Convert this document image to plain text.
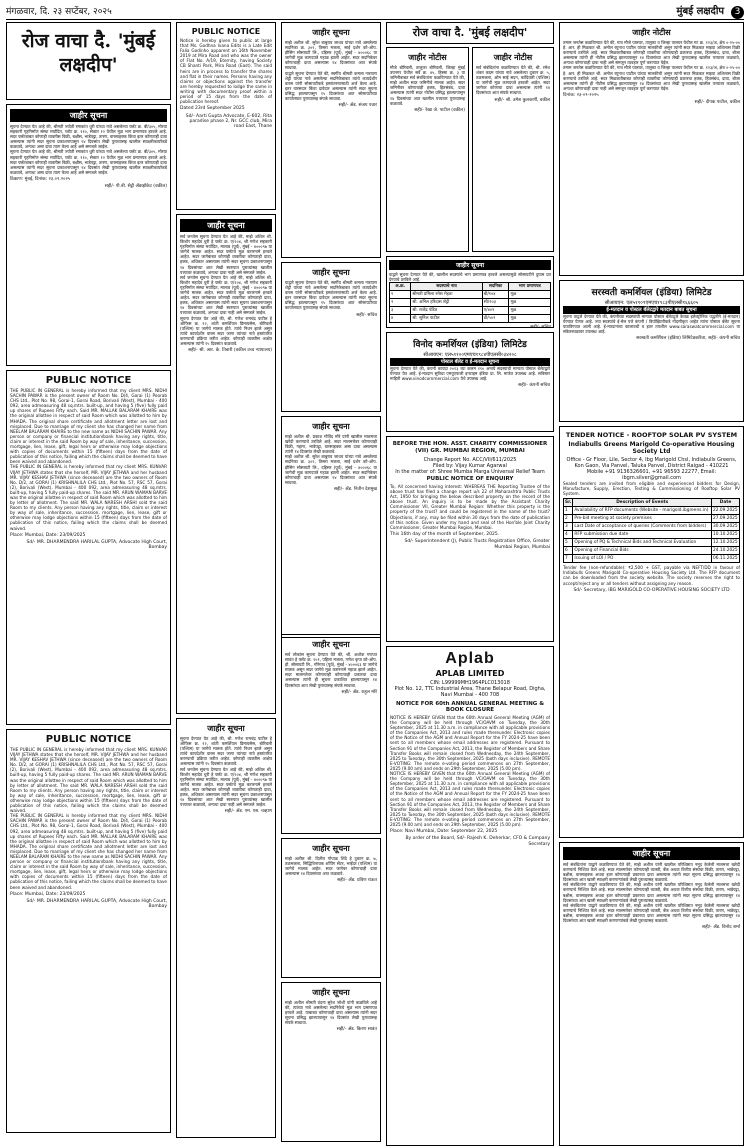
मंगळवार, दि. २३ सप्टेंबर, २०२५	मुंबई लक्षदीप 3
रोज वाचा दै. 'मुंबई लक्षदीप'
जाहीर सूचना
सूचना देण्यात येत आहे की, श्रीमती ज्योती रमाकांत धुरी यांच्या नावे असलेल्या फ्लॅट क्र. बी/३०५, मोरया सहकारी गृहनिर्माण संस्था मर्यादित, प्लॉट क्र. ११०, सेक्टर १२ येथील मूळ भाग प्रमाणपत्र हरवले आहे. सदर फ्लॅटबाबत कोणाही व्यक्तीस विक्री, बक्षीस, भाडेपट्टा, तारण, वारसाहक्क किंवा इतर कोणताही दावा असल्यास त्यांनी सदर सूचना प्रकाशनापासून १४ दिवसांत लेखी पुराव्यासह खालील स्वाक्षरीकर्त्यांकडे कळवावे, अन्यथा असा दावा त्याग केला आहे असे समजले जाईल.
सूचना देण्यात येत आहे की, श्रीमती ज्योती रमाकांत धुरी यांच्या नावे असलेल्या फ्लॅट क्र. बी/३०५, मोरया सहकारी गृहनिर्माण संस्था मर्यादित, प्लॉट क्र. ११०, सेक्टर १२ येथील मूळ भाग प्रमाणपत्र हरवले आहे. सदर फ्लॅटबाबत कोणाही व्यक्तीस विक्री, बक्षीस, भाडेपट्टा, तारण, वारसाहक्क किंवा इतर कोणताही दावा असल्यास त्यांनी सदर सूचना प्रकाशनापासून १४ दिवसांत लेखी पुराव्यासह खालील स्वाक्षरीकर्त्यांकडे कळवावे, अन्यथा असा दावा त्याग केला आहे असे समजले जाईल.
ठिकाण: मुंबई, दिनांक: २३.०९.२०२५
सही/- पी.बी. सेट्टी ॲडव्होकेट (वकील)
PUBLIC NOTICE
THE PUBLIC IN GENERAL is hereby informed that my client MRS. NIDHI SACHIN PAWAR is the present owner of Room No. D/4, Gorai (1) Poorab CHS Ltd., Plot No. 98, Gorai-1, Gorai Road, Borivali (West), Mumbai - 400 092, area admeasuring 48 sq.mtrs. built-up, and having 5 (five) fully paid up shares of Rupees Fifty each. Said MR. MALLAK BALARAM KHAIRE was the original allottee in respect of said Room which was allotted to him by MHADA. The original share certificate and allotment letter are lost and misplaced. Due to marriage of my client she has changed her name from NEELAM BALARAM KHAIRE to the new name as NIDHI SACHIN PAWAR. Any person or company or financial institution/bank having any rights, title, claim or interest in the said Room by way of sale, inheritance, succession, mortgage, lien, lease, gift, legal heirs or otherwise may lodge objections with copies of documents within 15 (fifteen) days from the date of publication of this notice, failing which the claims shall be deemed to have been waived and abandoned.
THE PUBLIC IN GENERAL is hereby informed that my client MRS. KUNVAR VIJAY JETHWA states that she herself, MR. VIJAY JETHWA and her husband MR. VIJAY KESHAV JETHWA (since deceased) are the two owners of Room No. D/2, at GORAI (1) KRISHNALILA CHS Ltd., Plot No. 57, RSC 57, Gorai (2), Borivali (West), Mumbai - 400 092, area admeasuring 48 sq.mtrs. built-up, having 5 fully paid-up shares. The said MR. ARUN WAMAN BARVE was the original allottee in respect of said Room which was allotted to him by letter of allotment. The said MR. WALA NARESH ARSHI sold the said Room to my clients. Any person having any rights, title, claim or interest by way of sale, inheritance, succession, mortgage, lien, lease, gift or otherwise may lodge objections within 15 (fifteen) days from the date of publication of this notice, failing which the claims shall be deemed waived.
Place: Mumbai, Date: 23/09/2025
Sd/- MR. DHARMENDRA HARILAL GUPTA, Advocate High Court, Bombay
PUBLIC NOTICE
THE PUBLIC IN GENERAL is hereby informed that my client MRS. KUNVAR VIJAY JETHWA states that she herself, MR. VIJAY JETHWA and her husband MR. VIJAY KESHAV JETHWA (since deceased) are the two owners of Room No. D/2, at GORAI (1) KRISHNALILA CHS Ltd., Plot No. 57, RSC 57, Gorai (2), Borivali (West), Mumbai - 400 092, area admeasuring 48 sq.mtrs. built-up, having 5 fully paid-up shares. The said MR. ARUN WAMAN BARVE was the original allottee in respect of said Room which was allotted to him by letter of allotment. The said MR. WALA NARESH ARSHI sold the said Room to my clients. Any person having any rights, title, claim or interest by way of sale, inheritance, succession, mortgage, lien, lease, gift or otherwise may lodge objections within 15 (fifteen) days from the date of publication of this notice, failing which the claims shall be deemed waived.
THE PUBLIC IN GENERAL is hereby informed that my client MRS. NIDHI SACHIN PAWAR is the present owner of Room No. D/4, Gorai (1) Poorab CHS Ltd., Plot No. 98, Gorai-1, Gorai Road, Borivali (West), Mumbai - 400 092, area admeasuring 48 sq.mtrs. built-up, and having 5 (five) fully paid up shares of Rupees Fifty each. Said MR. MALLAK BALARAM KHAIRE was the original allottee in respect of said Room which was allotted to him by MHADA. The original share certificate and allotment letter are lost and misplaced. Due to marriage of my client she has changed her name from NEELAM BALARAM KHAIRE to the new name as NIDHI SACHIN PAWAR. Any person or company or financial institution/bank having any rights, title, claim or interest in the said Room by way of sale, inheritance, succession, mortgage, lien, lease, gift, legal heirs or otherwise may lodge objections with copies of documents within 15 (fifteen) days from the date of publication of this notice, failing which the claims shall be deemed to have been waived and abandoned.
Place: Mumbai, Date: 23/09/2025
Sd/- MR. DHARMENDRA HARILAL GUPTA, Advocate High Court, Bombay
PUBLIC NOTICE
Notice is hereby given to public at large that Ms. Godhna Ivana Edits is a Late Edit Falia Godinho apparent on 16th November 2019 at Mira Road and who was the owner of Flat No. A/19, Eternity, having Society CB Shanti Park, Mira Road (East). The said heirs are in process to transfer the shares and flat in their names. Persons having any claims or objections against the transfer are hereby requested to lodge the same in writing with documentary proof within a period of 15 days from the date of publication hereof.
Dated 23rd September 2025
Sd/- Aarti Gupta Advocate, E-602, Rita paradise phase 2, Nr. GCC club, Mira road East, Thane
जाहीर सूचना
सर्व जनतेस सूचना देण्यात येत आहे की, माझे अशिल श्री. किशोर महादेव धुरी हे फ्लॅट क्र. ए/२०४, श्री गणेश सहकारी गृहनिर्माण संस्था मर्यादित, मालाड (पूर्व), मुंबई - ४०००९७ या जागेचे मालक आहेत. सदर फ्लॅटचे मूळ करारनामे हरवले आहेत. सदर जागेबाबत कोणाही व्यक्तीचा कोणताही दावा, हक्क, अधिकार असल्यास त्यांनी सदर सूचना प्रकाशनापासून १४ दिवसांच्या आत लेखी स्वरुपात पुराव्यांसह खालील पत्त्यावर कळवावे, अन्यथा दावा नाही असे समजले जाईल.
सर्व जनतेस सूचना देण्यात येत आहे की, माझे अशिल श्री. किशोर महादेव धुरी हे फ्लॅट क्र. ए/२०४, श्री गणेश सहकारी गृहनिर्माण संस्था मर्यादित, मालाड (पूर्व), मुंबई - ४०००९७ या जागेचे मालक आहेत. सदर फ्लॅटचे मूळ करारनामे हरवले आहेत. सदर जागेबाबत कोणाही व्यक्तीचा कोणताही दावा, हक्क, अधिकार असल्यास त्यांनी सदर सूचना प्रकाशनापासून १४ दिवसांच्या आत लेखी स्वरुपात पुराव्यांसह खालील पत्त्यावर कळवावे, अन्यथा दावा नाही असे समजले जाईल.
सूचना देण्यात येत आहे की, श्री. गणेश रामचंद्र पाटील हे ऑफिस क्र. १२, शांती कमर्शियल प्रिमायसेस, बोरिवली (पश्चिम) या जागेचे मालक होते. त्यांचे निधन झाले असून त्यांचे कायदेशीर वारस सदर जागा त्यांच्या नावे हस्तांतरित करण्याची प्रक्रिया करीत आहेत. कोणाही व्यक्तीस आक्षेप असल्यास त्यांनी १५ दिवसांत कळवावे.
सही/- श्री. आर. के. तिवारी (वकील उच्च न्यायालय)
जाहीर सूचना
सूचना देण्यात येत आहे की, श्री. गणेश रामचंद्र पाटील हे ऑफिस क्र. १२, शांती कमर्शियल प्रिमायसेस, बोरिवली (पश्चिम) या जागेचे मालक होते. त्यांचे निधन झाले असून त्यांचे कायदेशीर वारस सदर जागा त्यांच्या नावे हस्तांतरित करण्याची प्रक्रिया करीत आहेत. कोणाही व्यक्तीस आक्षेप असल्यास त्यांनी १५ दिवसांत कळवावे.
सर्व जनतेस सूचना देण्यात येत आहे की, माझे अशिल श्री. किशोर महादेव धुरी हे फ्लॅट क्र. ए/२०४, श्री गणेश सहकारी गृहनिर्माण संस्था मर्यादित, मालाड (पूर्व), मुंबई - ४०००९७ या जागेचे मालक आहेत. सदर फ्लॅटचे मूळ करारनामे हरवले आहेत. सदर जागेबाबत कोणाही व्यक्तीचा कोणताही दावा, हक्क, अधिकार असल्यास त्यांनी सदर सूचना प्रकाशनापासून १४ दिवसांच्या आत लेखी स्वरुपात पुराव्यांसह खालील पत्त्यावर कळवावे, अन्यथा दावा नाही असे समजले जाईल.
सही/- ॲड. एम. एस. चव्हाण
जाहीर सूचना
माझे अशील श्री. सुरेश बाबुराव जाधव यांच्या नावे असलेल्या सदनिका क्र. ३०२, तिसरा मजला, साई दर्शन को-ऑप. हौसिंग सोसायटी लि., दहिसर (पूर्व), मुंबई - ४०००६८ या जागेची मूळ कागदपत्रे गहाळ झाली आहेत. सदर सदनिकेवर कोणाचाही दावा असल्यास १४ दिवसांच्या आत संपर्क साधावा.
याद्वारे सूचना देण्यात येते की, स्वर्गीय श्रीमती कमला नारायण शेट्टी यांच्या नावे असलेल्या सदनिकेबाबत त्यांचे कायदेशीर वारस यांनी सोसायटीकडे हस्तांतरणासाठी अर्ज केला आहे. इतर वारसदार किंवा दावेदार असल्यास त्यांनी सदर सूचना प्रसिद्ध झाल्यापासून १५ दिवसांच्या आत सोसायटीच्या कार्यालयात पुराव्यासह संपर्क साधावा.
सही/- ॲड. संजय पवार
जाहीर सूचना
याद्वारे सूचना देण्यात येते की, स्वर्गीय श्रीमती कमला नारायण शेट्टी यांच्या नावे असलेल्या सदनिकेबाबत त्यांचे कायदेशीर वारस यांनी सोसायटीकडे हस्तांतरणासाठी अर्ज केला आहे. इतर वारसदार किंवा दावेदार असल्यास त्यांनी सदर सूचना प्रसिद्ध झाल्यापासून १५ दिवसांच्या आत सोसायटीच्या कार्यालयात पुराव्यासह संपर्क साधावा.
सही/- सचिव
जाहीर सूचना
माझे अशील श्री. प्रकाश गोविंद मोरे यांनी खालील मालमत्ता खरेदी करण्याचे ठरविले आहे. सदर मालमत्तेवर कोणाचाही विक्री, गहाण, भाडेपट्टा, वारसाहक्क असा दावा असल्यास त्यांनी १४ दिवसांत लेखी कळवावे.
माझे अशील श्री. सुरेश बाबुराव जाधव यांच्या नावे असलेल्या सदनिका क्र. ३०२, तिसरा मजला, साई दर्शन को-ऑप. हौसिंग सोसायटी लि., दहिसर (पूर्व), मुंबई - ४०००६८ या जागेची मूळ कागदपत्रे गहाळ झाली आहेत. सदर सदनिकेवर कोणाचाही दावा असल्यास १४ दिवसांच्या आत संपर्क साधावा.
सही/- ॲड. नितीन देशमुख
रोज वाचा दै. 'मुंबई लक्षदीप'
जाहीर नोटीस
मौजे बोरिवली, तालुका बोरिवली, जिल्हा मुंबई उपनगर येथील सर्वे क्र. ४५, हिस्सा क्र. ३ या जमिनीबाबत सर्व संबंधितांना कळविण्यात येते की, माझे अशील सदर जमिनीचे मालक आहेत. सदर जमिनीवर कोणाचाही हक्क, हितसंबंध, दावा असल्यास त्यांनी सदर नोटीस प्रसिद्ध झाल्यापासून १४ दिवसांच्या आत खालील पत्त्यावर पुराव्यासह कळवावे.
सही/- रेखा जे. पाटील (वकील)
जाहीर नोटीस
सर्व संबंधितांना कळविण्यात येते की, श्री. रमेश शंकर कदम यांच्या नावे असलेल्या दुकान क्र. ५, तळमजला, ओम साई सदन, कांदिवली (पश्चिम) या जागेची मूळ कागदपत्रे हरवली आहेत. सदर जागेवर कोणाचा दावा असल्यास त्यांनी १४ दिवसांच्या आत संपर्क साधावा.
सही/- श्री. उमेश कुलकर्णी, वकील
जाहीर सूचना
याद्वारे सूचना देण्यात येते की, खालील सदस्यांचे भाग प्रमाणपत्र हरवले असल्यामुळे सोसायटीने दुय्यम प्रत देण्याचे ठरविले आहे.
अ.क्र.	सदस्याचे नाव	सदनिका	भाग प्रमाणपत्र
१	श्रीमती प्रमिला रमेश मेहता	बी/१०४	मूळ
२	श्री. अनिल हरिदास शेट्टी	सी/२०३	मूळ
३	श्री. राजेंद्र पंडित	ए/४०१	मूळ
४	श्री. सुनिल पाटील	डी/५०२	मूळ
सही/- सचिव
विनोद कमर्शियल (इंडिया) लिमिटेड
सीआयएन: एल५११००एमएच१९८४पीएलसी०३४२०८
पोस्टल बॅलेट व ई-मतदान सूचना
सूचना देण्यात येते की, कंपनी कायदा २०१३ च्या कलम ११० अन्वये सदस्यांची मान्यता पोस्टल बॅलेटद्वारे घेण्यात येत आहे. ई-मतदान सुविधा एमयूएफजी इनटाइम इंडिया प्रा. लि. मार्फत उपलब्ध आहे. सविस्तर माहिती www.vinodcommercial.com येथे उपलब्ध आहे.
सही/- कंपनी सचिव
BEFORE THE HON. ASST. CHARITY COMMISSIONER (VII) GR. MUMBAI REGION, MUMBAI
Change Report No. ACC/VII/611/2025
Filed by: Vijay Kumar Agarwal
In the matter of: Shree Mumba Marga Universal Relief Team
PUBLIC NOTICE OF ENQUIRY
To, All concerned having interest: WHEREAS THE Reporting Trustee of the above trust has filed a change report u/s 22 of Maharashtra Public Trusts Act, 1950 for bringing the below described property on the record of the above trust. An inquiry is to be made by the Assistant Charity Commissioner VII, Greater Mumbai Region: Whether this property is the property of the trust? and could be registered in the name of the trust? Objections, if any, may be filed within 30 days from the date of publication of this notice. Given under my hand and seal of the Hon'ble Joint Charity Commissioner, Greater Mumbai Region, Mumbai.
This 16th day of the month of September, 2025.
Sd/- Superintendent (J), Public Trusts Registration Office, Greater Mumbai Region, Mumbai
जाहीर सूचना
सर्व लोकांस सूचना देण्यात येते की, श्री. अशोक गणपत सावंत हे फ्लॅट क्र. १०१, पहिला मजला, गणेश कृपा को-ऑप. हौ. सोसायटी लि., गोरेगाव (पूर्व), मुंबई - ४०००६३ या जागेचे मालक असून सदर जागेचे मूळ करारनामे गहाळ झाले आहेत. सदर मालमत्तेवर कोणाचाही कोणत्याही प्रकारचा दावा असल्यास त्यांनी ही सूचना प्रकाशित झाल्यापासून १४ दिवसांच्या आत लेखी पुराव्यासह संपर्क साधावा.
सही/- ॲड. राहुल मोरे
जाहीर सूचना
माझे अशील श्री. दिलीप गोपाळ शिंदे हे दुकान क्र. ७, तळमजला, सिद्धिविनायक शॉपिंग सेंटर, भाईंदर (पश्चिम) या जागेचे मालक आहेत. सदर जागेवर कोणाचाही दावा असल्यास १४ दिवसांच्या आत कळवावे.
सही/- ॲड. प्रविण राऊत
जाहीर सूचना
माझे अशील श्रीमती वंदना सुरेश जोशी यांनी कळविले आहे की, त्यांच्या नावे असलेल्या सदनिकेचे मूळ भाग प्रमाणपत्र हरवले आहे. याबाबत कोणाचाही दावा असल्यास त्यांनी सदर सूचना प्रसिद्ध झाल्यापासून १४ दिवसांत लेखी पुराव्यासह संपर्क साधावा.
सही/- ॲड. किरण सावंत
Aplab
APLAB LIMITED
CIN: L99999MH1964PLC013018
Plot No. 12, TTC Industrial Area, Thane Belapur Road, Digha, Navi Mumbai - 400 708
NOTICE FOR 60th ANNUAL GENERAL MEETING & BOOK CLOSURE
NOTICE IS HEREBY GIVEN that the 60th Annual General Meeting (AGM) of the Company will be held through VC/OAVM on Tuesday, the 30th September, 2025 at 11.30 a.m. in compliance with all applicable provisions of the Companies Act, 2013 and rules made thereunder. Electronic copies of the Notice of the AGM and Annual Report for the FY 2024-25 have been sent to all members whose email addresses are registered. Pursuant to Section 91 of the Companies Act, 2013, the Register of Members and Share Transfer Books will remain closed from Wednesday, the 24th September, 2025 to Tuesday, the 30th September, 2025 (both days inclusive). REMOTE E-VOTING: The remote e-voting period commences on 27th September, 2025 (9.00 am) and ends on 29th September, 2025 (5.00 pm).
NOTICE IS HEREBY GIVEN that the 60th Annual General Meeting (AGM) of the Company will be held through VC/OAVM on Tuesday, the 30th September, 2025 at 11.30 a.m. in compliance with all applicable provisions of the Companies Act, 2013 and rules made thereunder. Electronic copies of the Notice of the AGM and Annual Report for the FY 2024-25 have been sent to all members whose email addresses are registered. Pursuant to Section 91 of the Companies Act, 2013, the Register of Members and Share Transfer Books will remain closed from Wednesday, the 24th September, 2025 to Tuesday, the 30th September, 2025 (both days inclusive). REMOTE E-VOTING: The remote e-voting period commences on 27th September, 2025 (9.00 am) and ends on 29th September, 2025 (5.00 pm).
Place: Navi Mumbai, Date: September 22, 2025
By order of the Board, Sd/- Rajesh K. Deherkar, CFO & Company Secretary
जाहीर नोटीस
तमाम जनतेस कळविण्यात येते की, गाव मौजे पालघर, तालुका व जिल्हा पालघर येथील गट क्र. १२३/अ, क्षेत्र ०-२५-०० हे. आर. ही मिळकत श्री. अमोल रघुनाथ पाटील यांच्या मालकीची असून त्यांनी सदर मिळकत माझ्या अशिलास विक्री करण्याचे ठरविले आहे. सदर मिळकतीबाबत कोणाही व्यक्तीचा कोणत्याही प्रकारचा हक्क, हितसंबंध, दावा, बोजा असल्यास त्यांनी ही नोटीस प्रसिद्ध झाल्यापासून १४ दिवसांच्या आत लेखी पुराव्यासह खालील पत्त्यावर कळवावे, अन्यथा कोणाचाही दावा नाही असे समजून व्यवहार पूर्ण करण्यात येईल.
तमाम जनतेस कळविण्यात येते की, गाव मौजे पालघर, तालुका व जिल्हा पालघर येथील गट क्र. १२३/अ, क्षेत्र ०-२५-०० हे. आर. ही मिळकत श्री. अमोल रघुनाथ पाटील यांच्या मालकीची असून त्यांनी सदर मिळकत माझ्या अशिलास विक्री करण्याचे ठरविले आहे. सदर मिळकतीबाबत कोणाही व्यक्तीचा कोणत्याही प्रकारचा हक्क, हितसंबंध, दावा, बोजा असल्यास त्यांनी ही नोटीस प्रसिद्ध झाल्यापासून १४ दिवसांच्या आत लेखी पुराव्यासह खालील पत्त्यावर कळवावे, अन्यथा कोणाचाही दावा नाही असे समजून व्यवहार पूर्ण करण्यात येईल.
दिनांक: २३-०९-२०२५
सही/- दीपक पाटील, वकील
सरस्वती कमर्शियल (इंडिया) लिमिटेड
सीआयएन: एल५१९०९एमएच१९८३पीएलसी१६६६०५
ई-मतदान व पोस्टल बॅलेटद्वारे मतदान बाबत सूचना
सूचना याद्वारे देण्यात येते की, कंपनीच्या सदस्यांची मान्यता पोस्टल बॅलेटद्वारे केवळ इलेक्ट्रॉनिक पद्धतीने (ई-मतदान) घेण्यात येणार आहे. ज्या सदस्यांचे ई-मेल पत्ते कंपनी / डिपॉझिटरीकडे नोंदणीकृत आहेत त्यांना पोस्टल बॅलेट सूचना पाठविण्यात आली आहे. ई-मतदानाचा कालावधी व इतर तपशील www.saraswatcommercial.com या संकेतस्थळावर उपलब्ध आहे.
सरस्वती कमर्शियल (इंडिया) लिमिटेडकरिता, सही/- कंपनी सचिव
TENDER NOTICE - ROOFTOP SOLAR PV SYSTEM
Indiabulls Greens Marigold Co-operative Housing Society Ltd
Office - Gr Floor, Lile, Sector 4, Ibg Marigold Chsl, Indiabulls Greens, Kon Gaon, Via Panvel, Taluka Panvel, District Raigad - 410221
Mobile +91 9136326601, +91 96593 22277, Email: ibgm.silver@gmail.com
Sealed tenders are invited from eligible and experienced bidders for Design, Manufacture, Supply, Erection, Testing & Commissioning of Rooftop Solar PV System.
Sr.	Description of Events	Date
1	Availability of RFP documents (Website - marigold.ibgreens.in)	22.09.2025
2	Pre-bid meeting at society premises	27.09.2025
3	Last Date of acceptance of queries (Comments from bidders)	30.09.2025
4	RFP submission due date	10.10.2025
5	Opening of PQ & Technical Bids and Technical Evaluation	12.10.2025
6	Opening of Financial Bids	24.10.2025
7	Issuing of LOI / PO	06.11.2025
Tender fee (non-refundable): ₹2,500 + GST, payable via NEFT/DD in favour of Indiabulls Greens Marigold Co-operative Housing Society Ltd. The RFP document can be downloaded from the society website. The society reserves the right to accept/reject any or all tenders without assigning any reason.
Sd/- Secretary, IBG MARIGOLD CO-OPERATIVE HOUSING SOCIETY LTD
जाहीर सूचना
सर्व संबंधितांना याद्वारे कळविण्यात येते की, माझे अशील यांनी खालील परिशिष्टात नमूद केलेली मालमत्ता खरेदी करण्याचे निश्चित केले आहे. सदर मालमत्तेवर कोणत्याही व्यक्ती, बँक अथवा वित्तीय संस्थेचा विक्री, तारण, भाडेपट्टा, बक्षीस, वारसाहक्क अथवा इतर कोणत्याही प्रकारचा दावा असल्यास त्यांनी सदर सूचना प्रसिद्ध झाल्यापासून १४ दिवसांच्या आत खाली स्वाक्षरी करणाऱ्यांकडे लेखी पुराव्यासह कळवावे.
सर्व संबंधितांना याद्वारे कळविण्यात येते की, माझे अशील यांनी खालील परिशिष्टात नमूद केलेली मालमत्ता खरेदी करण्याचे निश्चित केले आहे. सदर मालमत्तेवर कोणत्याही व्यक्ती, बँक अथवा वित्तीय संस्थेचा विक्री, तारण, भाडेपट्टा, बक्षीस, वारसाहक्क अथवा इतर कोणत्याही प्रकारचा दावा असल्यास त्यांनी सदर सूचना प्रसिद्ध झाल्यापासून १४ दिवसांच्या आत खाली स्वाक्षरी करणाऱ्यांकडे लेखी पुराव्यासह कळवावे.
सर्व संबंधितांना याद्वारे कळविण्यात येते की, माझे अशील यांनी खालील परिशिष्टात नमूद केलेली मालमत्ता खरेदी करण्याचे निश्चित केले आहे. सदर मालमत्तेवर कोणत्याही व्यक्ती, बँक अथवा वित्तीय संस्थेचा विक्री, तारण, भाडेपट्टा, बक्षीस, वारसाहक्क अथवा इतर कोणत्याही प्रकारचा दावा असल्यास त्यांनी सदर सूचना प्रसिद्ध झाल्यापासून १४ दिवसांच्या आत खाली स्वाक्षरी करणाऱ्यांकडे लेखी पुराव्यासह कळवावे.
सही/- ॲड. विनोद शर्मा
